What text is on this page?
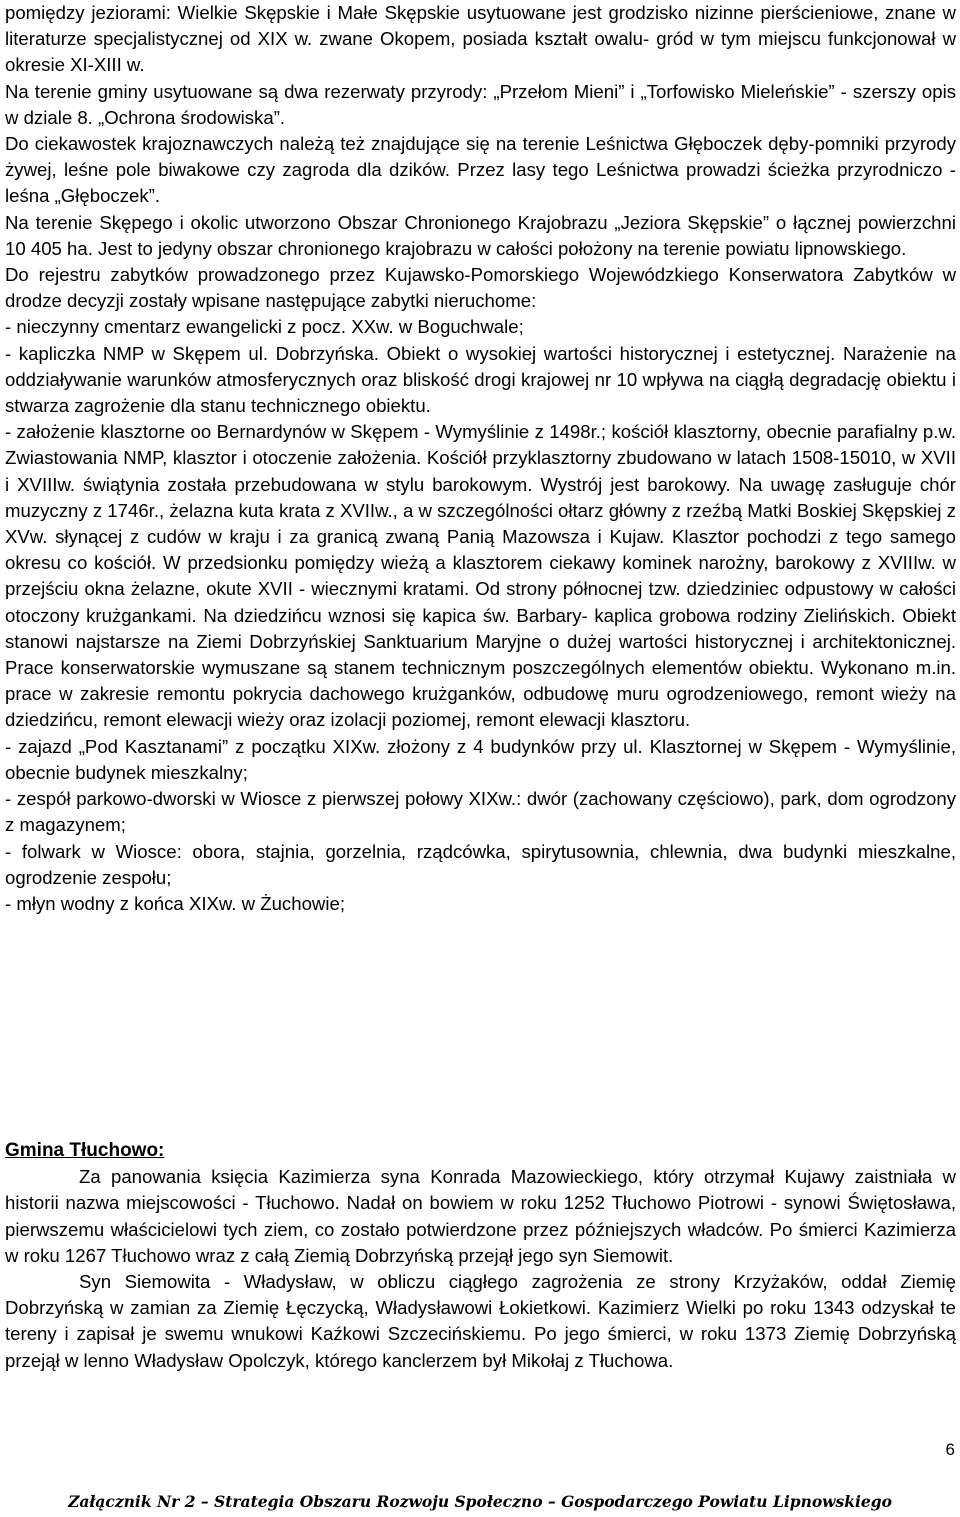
pomiędzy jeziorami: Wielkie Skępskie i Małe Skępskie usytuowane jest grodzisko nizinne pierścieniowe, znane w literaturze specjalistycznej od XIX w. zwane Okopem, posiada kształt owalu- gród w tym miejscu funkcjonował w okresie XI-XIII w.

Na terenie gminy usytuowane są dwa rezerwaty przyrody: „Przełom Mieni” i „Torfowisko Mieleńskie” - szerszy opis w dziale 8. „Ochrona środowiska”.

Do ciekawostek krajoznawczych należą też znajdujące się na terenie Leśnictwa Głęboczek dęby-pomniki przyrody żywej, leśne pole biwakowe czy zagroda dla dzików. Przez lasy tego Leśnictwa prowadzi ścieżka przyrodniczo - leśna „Głęboczek”.

Na terenie Skępego i okolic utworzono Obszar Chronionego Krajobrazu „Jeziora Skępskie” o łącznej powierzchni 10 405 ha. Jest to jedyny obszar chronionego krajobrazu w całości położony na terenie powiatu lipnowskiego.

Do rejestru zabytków prowadzonego przez Kujawsko-Pomorskiego Wojewódzkiego Konserwatora Zabytków w drodze decyzji zostały wpisane następujące zabytki nieruchome:

- nieczynny cmentarz ewangelicki z pocz. XXw. w Boguchwale;

- kapliczka NMP w Skępem ul. Dobrzyńska. Obiekt o wysokiej wartości historycznej i estetycznej. Narażenie na oddziaływanie warunków atmosferycznych oraz bliskość drogi krajowej nr 10 wpływa na ciągłą degradację obiektu i stwarza zagrożenie dla stanu technicznego obiektu.

- założenie klasztorne oo Bernardynów w Skępem - Wymyślinie z 1498r.; kościół klasztorny, obecnie parafialny p.w. Zwiastowania NMP, klasztor i otoczenie założenia. Kościół przyklasztorny zbudowano w latach 1508-15010, w XVII i XVIIIw. świątynia została przebudowana w stylu barokowym. Wystrój jest barokowy. Na uwagę zasługuje chór muzyczny z 1746r., żelazna kuta krata z XVIIw., a w szczególności ołtarz główny z rzeźbą Matki Boskiej Skępskiej z XVw. słynącej z cudów w kraju i za granicą zwaną Panią Mazowsza i Kujaw. Klasztor pochodzi z tego samego okresu co kościół. W przedsionku pomiędzy wieżą a klasztorem ciekawy kominek narożny, barokowy z XVIIIw. w przejściu okna żelazne, okute XVII - wiecznymi kratami. Od strony północnej tzw. dziedziniec odpustowy w całości otoczony krużgankami. Na dziedzińcu wznosi się kapica św. Barbary- kaplica grobowa rodziny Zielińskich. Obiekt stanowi najstarsze na Ziemi Dobrzyńskiej Sanktuarium Maryjne o dużej wartości historycznej i architektonicznej. Prace konserwatorskie wymuszane są stanem technicznym poszczególnych elementów obiektu. Wykonano m.in. prace w zakresie remontu pokrycia dachowego krużganków, odbudowę muru ogrodzeniowego, remont wieży na dziedzińcu, remont elewacji wieży oraz izolacji poziomej, remont elewacji klasztoru.

- zajazd „Pod Kasztanami” z początku XIXw. złożony z 4 budynków przy ul. Klasztornej w Skępem - Wymyślinie, obecnie budynek mieszkalny;

- zespół parkowo-dworski w Wiosce z pierwszej połowy XIXw.: dwór (zachowany częściowo), park, dom ogrodzony z magazynem;

- folwark w Wiosce: obora, stajnia, gorzelnia, rządcówka, spirytusownia, chlewnia, dwa budynki mieszkalne, ogrodzenie zespołu;

- młyn wodny z końca XIXw. w Żuchowie;

Gmina Tłuchowo:

Za panowania księcia Kazimierza syna Konrada Mazowieckiego, który otrzymał Kujawy zaistniała w historii nazwa miejscowości - Tłuchowo. Nadał on bowiem w roku 1252 Tłuchowo Piotrowi - synowi Świętosława, pierwszemu właścicielowi tych ziem, co zostało potwierdzone przez późniejszych władców. Po śmierci Kazimierza w roku 1267 Tłuchowo wraz z całą Ziemią Dobrzyńską przejął jego syn Siemowit.

Syn Siemowita - Władysław, w obliczu ciągłego zagrożenia ze strony Krzyżaków, oddał Ziemię Dobrzyńską w zamian za Ziemię Łęczycką, Władysławowi Łokietkowi. Kazimierz Wielki po roku 1343 odzyskał te tereny i zapisał je swemu wnukowi Kaźkowi Szczecińskiemu. Po jego śmierci, w roku 1373 Ziemię Dobrzyńską przejął w lenno Władysław Opolczyk, którego kanclerzem był Mikołaj z Tłuchowa.

6
Załącznik Nr 2 – Strategia Obszaru Rozwoju Społeczno – Gospodarczego Powiatu Lipnowskiego
